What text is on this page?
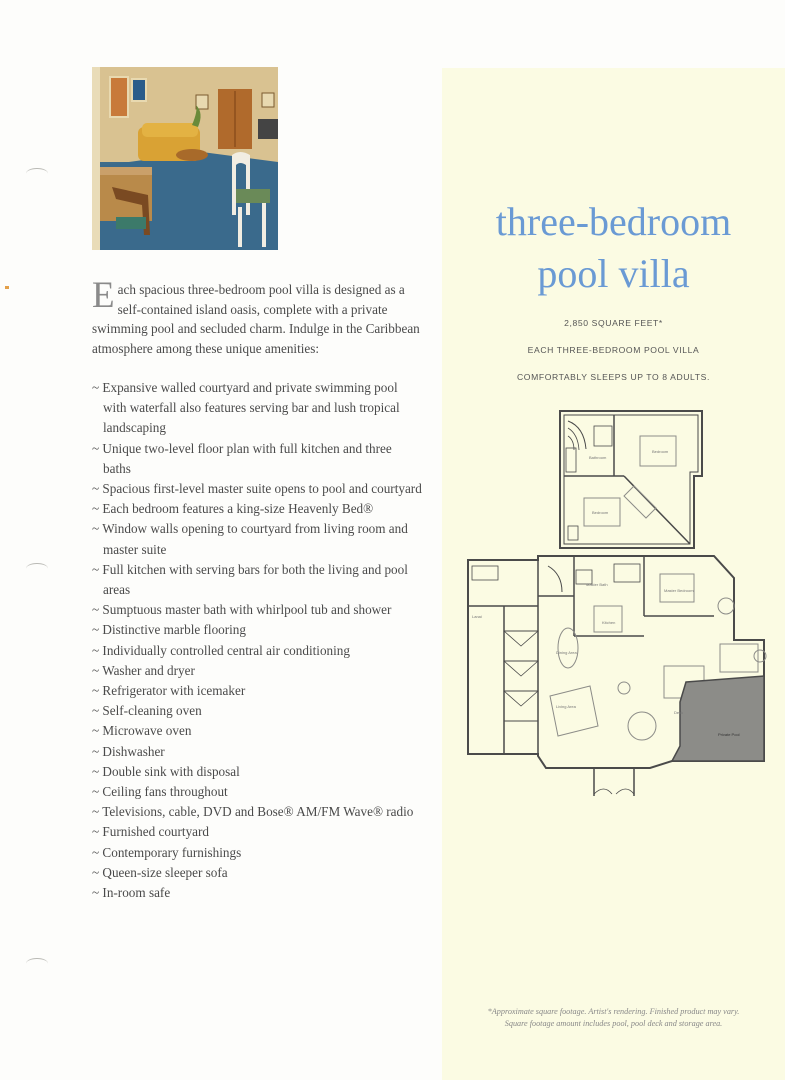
Each spacious three-bedroom pool villa is designed as a self-contained island oasis, complete with a private swimming pool and secluded charm. Indulge in the Caribbean atmosphere among these unique amenities:

~ Expansive walled courtyard and private swimming pool with waterfall also features serving bar and lush tropical landscaping
~ Unique two-level floor plan with full kitchen and three baths
~ Spacious first-level master suite opens to pool and courtyard
~ Each bedroom features a king-size Heavenly Bed®
~ Window walls opening to courtyard from living room and master suite
~ Full kitchen with serving bars for both the living and pool areas
~ Sumptuous master bath with whirlpool tub and shower
~ Distinctive marble flooring
~ Individually controlled central air conditioning
~ Washer and dryer
~ Refrigerator with icemaker
~ Self-cleaning oven
~ Microwave oven
~ Dishwasher
~ Double sink with disposal
~ Ceiling fans throughout
~ Televisions, cable, DVD and Bose® AM/FM Wave® radio
~ Furnished courtyard
~ Contemporary furnishings
~ Queen-size sleeper sofa
~ In-room safe
three-bedroom
pool villa
2,850 SQUARE FEET*
EACH THREE-BEDROOM POOL VILLA
COMFORTABLY SLEEPS UP TO 8 ADULTS.
Bathroom
Bedroom
Bedroom
Master Bedroom
Master Bath
Kitchen
Dining Area
Living Area
Deck
Private Pool
Lanai
*Approximate square footage. Artist's rendering. Finished product may vary.
Square footage amount includes pool, pool deck and storage area.
